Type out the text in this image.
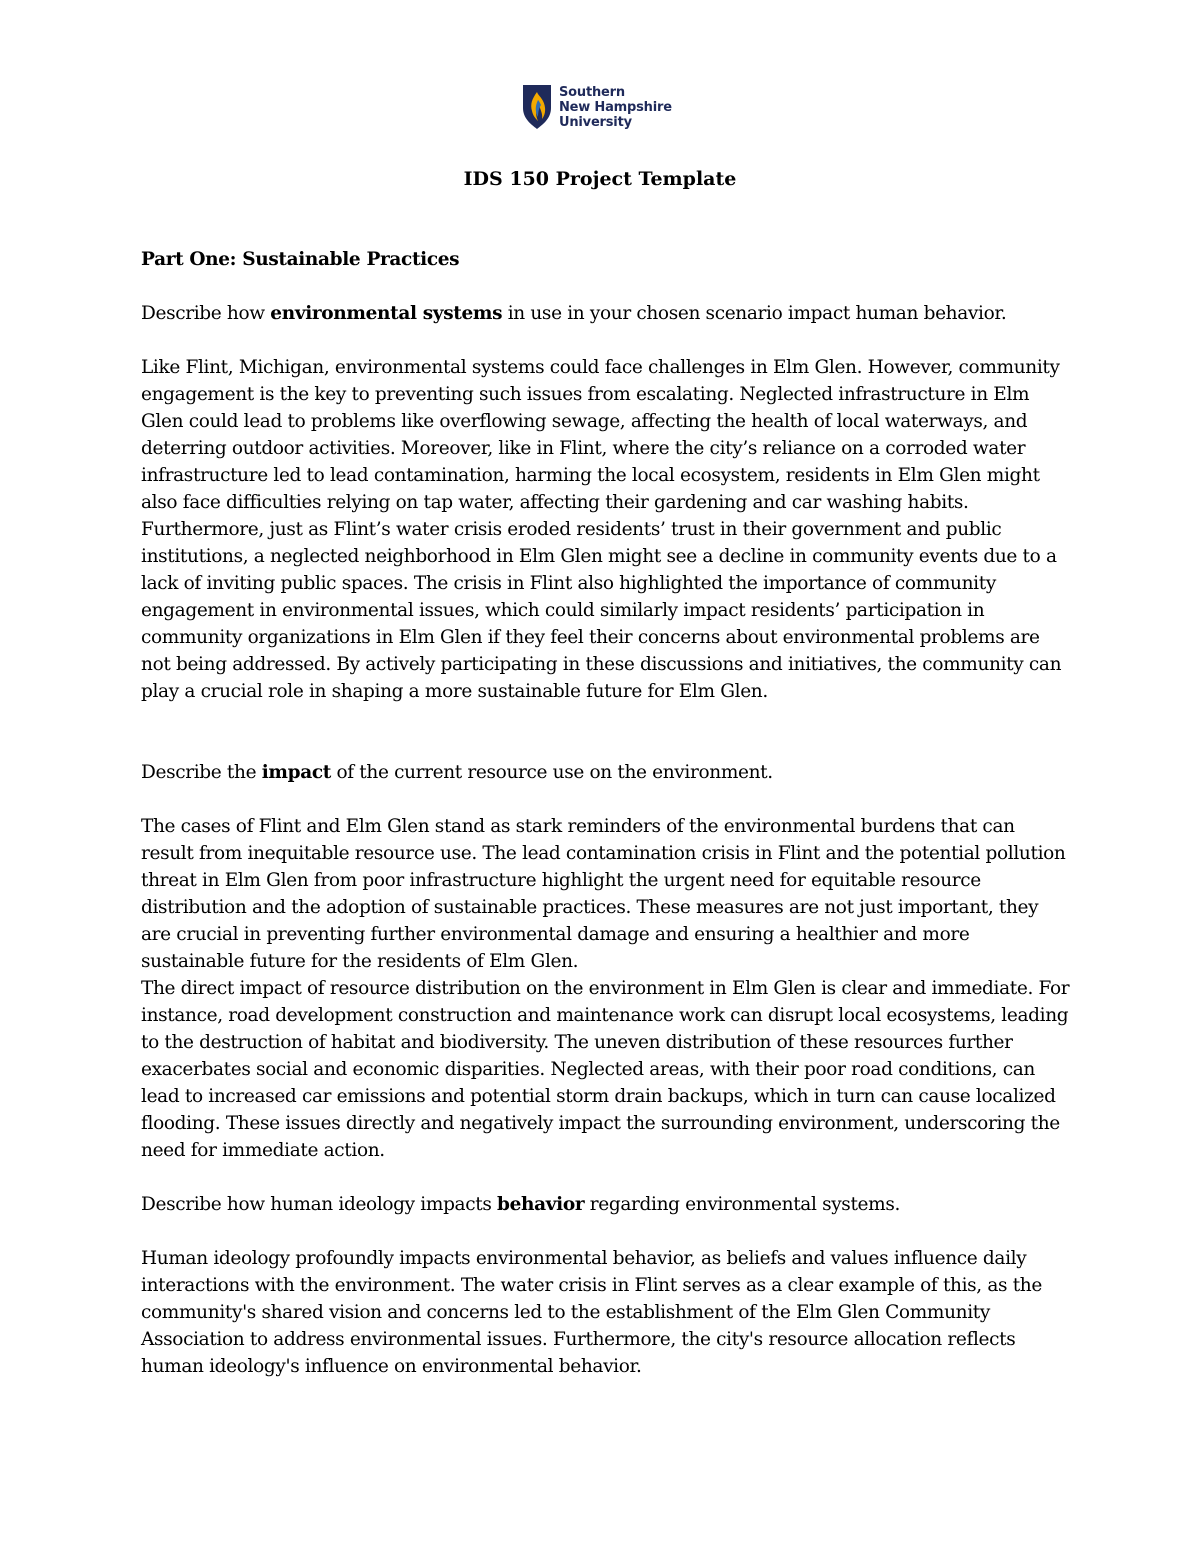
Southern
New Hampshire
University
IDS 150 Project Template

Part One: Sustainable Practices

Describe how environmental systems in use in your chosen scenario impact human behavior.

Like Flint, Michigan, environmental systems could face challenges in Elm Glen. However, community engagement is the key to preventing such issues from escalating. Neglected infrastructure in Elm Glen could lead to problems like overflowing sewage, affecting the health of local waterways, and deterring outdoor activities. Moreover, like in Flint, where the city’s reliance on a corroded water infrastructure led to lead contamination, harming the local ecosystem, residents in Elm Glen might also face difficulties relying on tap water, affecting their gardening and car washing habits. Furthermore, just as Flint’s water crisis eroded residents’ trust in their government and public institutions, a neglected neighborhood in Elm Glen might see a decline in community events due to a lack of inviting public spaces. The crisis in Flint also highlighted the importance of community engagement in environmental issues, which could similarly impact residents’ participation in community organizations in Elm Glen if they feel their concerns about environmental problems are not being addressed. By actively participating in these discussions and initiatives, the community can play a crucial role in shaping a more sustainable future for Elm Glen.

Describe the impact of the current resource use on the environment.

The cases of Flint and Elm Glen stand as stark reminders of the environmental burdens that can result from inequitable resource use. The lead contamination crisis in Flint and the potential pollution threat in Elm Glen from poor infrastructure highlight the urgent need for equitable resource distribution and the adoption of sustainable practices. These measures are not just important, they are crucial in preventing further environmental damage and ensuring a healthier and more sustainable future for the residents of Elm Glen.

The direct impact of resource distribution on the environment in Elm Glen is clear and immediate. For instance, road development construction and maintenance work can disrupt local ecosystems, leading to the destruction of habitat and biodiversity. The uneven distribution of these resources further exacerbates social and economic disparities. Neglected areas, with their poor road conditions, can lead to increased car emissions and potential storm drain backups, which in turn can cause localized flooding. These issues directly and negatively impact the surrounding environment, underscoring the need for immediate action.

Describe how human ideology impacts behavior regarding environmental systems.

Human ideology profoundly impacts environmental behavior, as beliefs and values influence daily interactions with the environment. The water crisis in Flint serves as a clear example of this, as the community's shared vision and concerns led to the establishment of the Elm Glen Community Association to address environmental issues. Furthermore, the city's resource allocation reflects human ideology's influence on environmental behavior.
